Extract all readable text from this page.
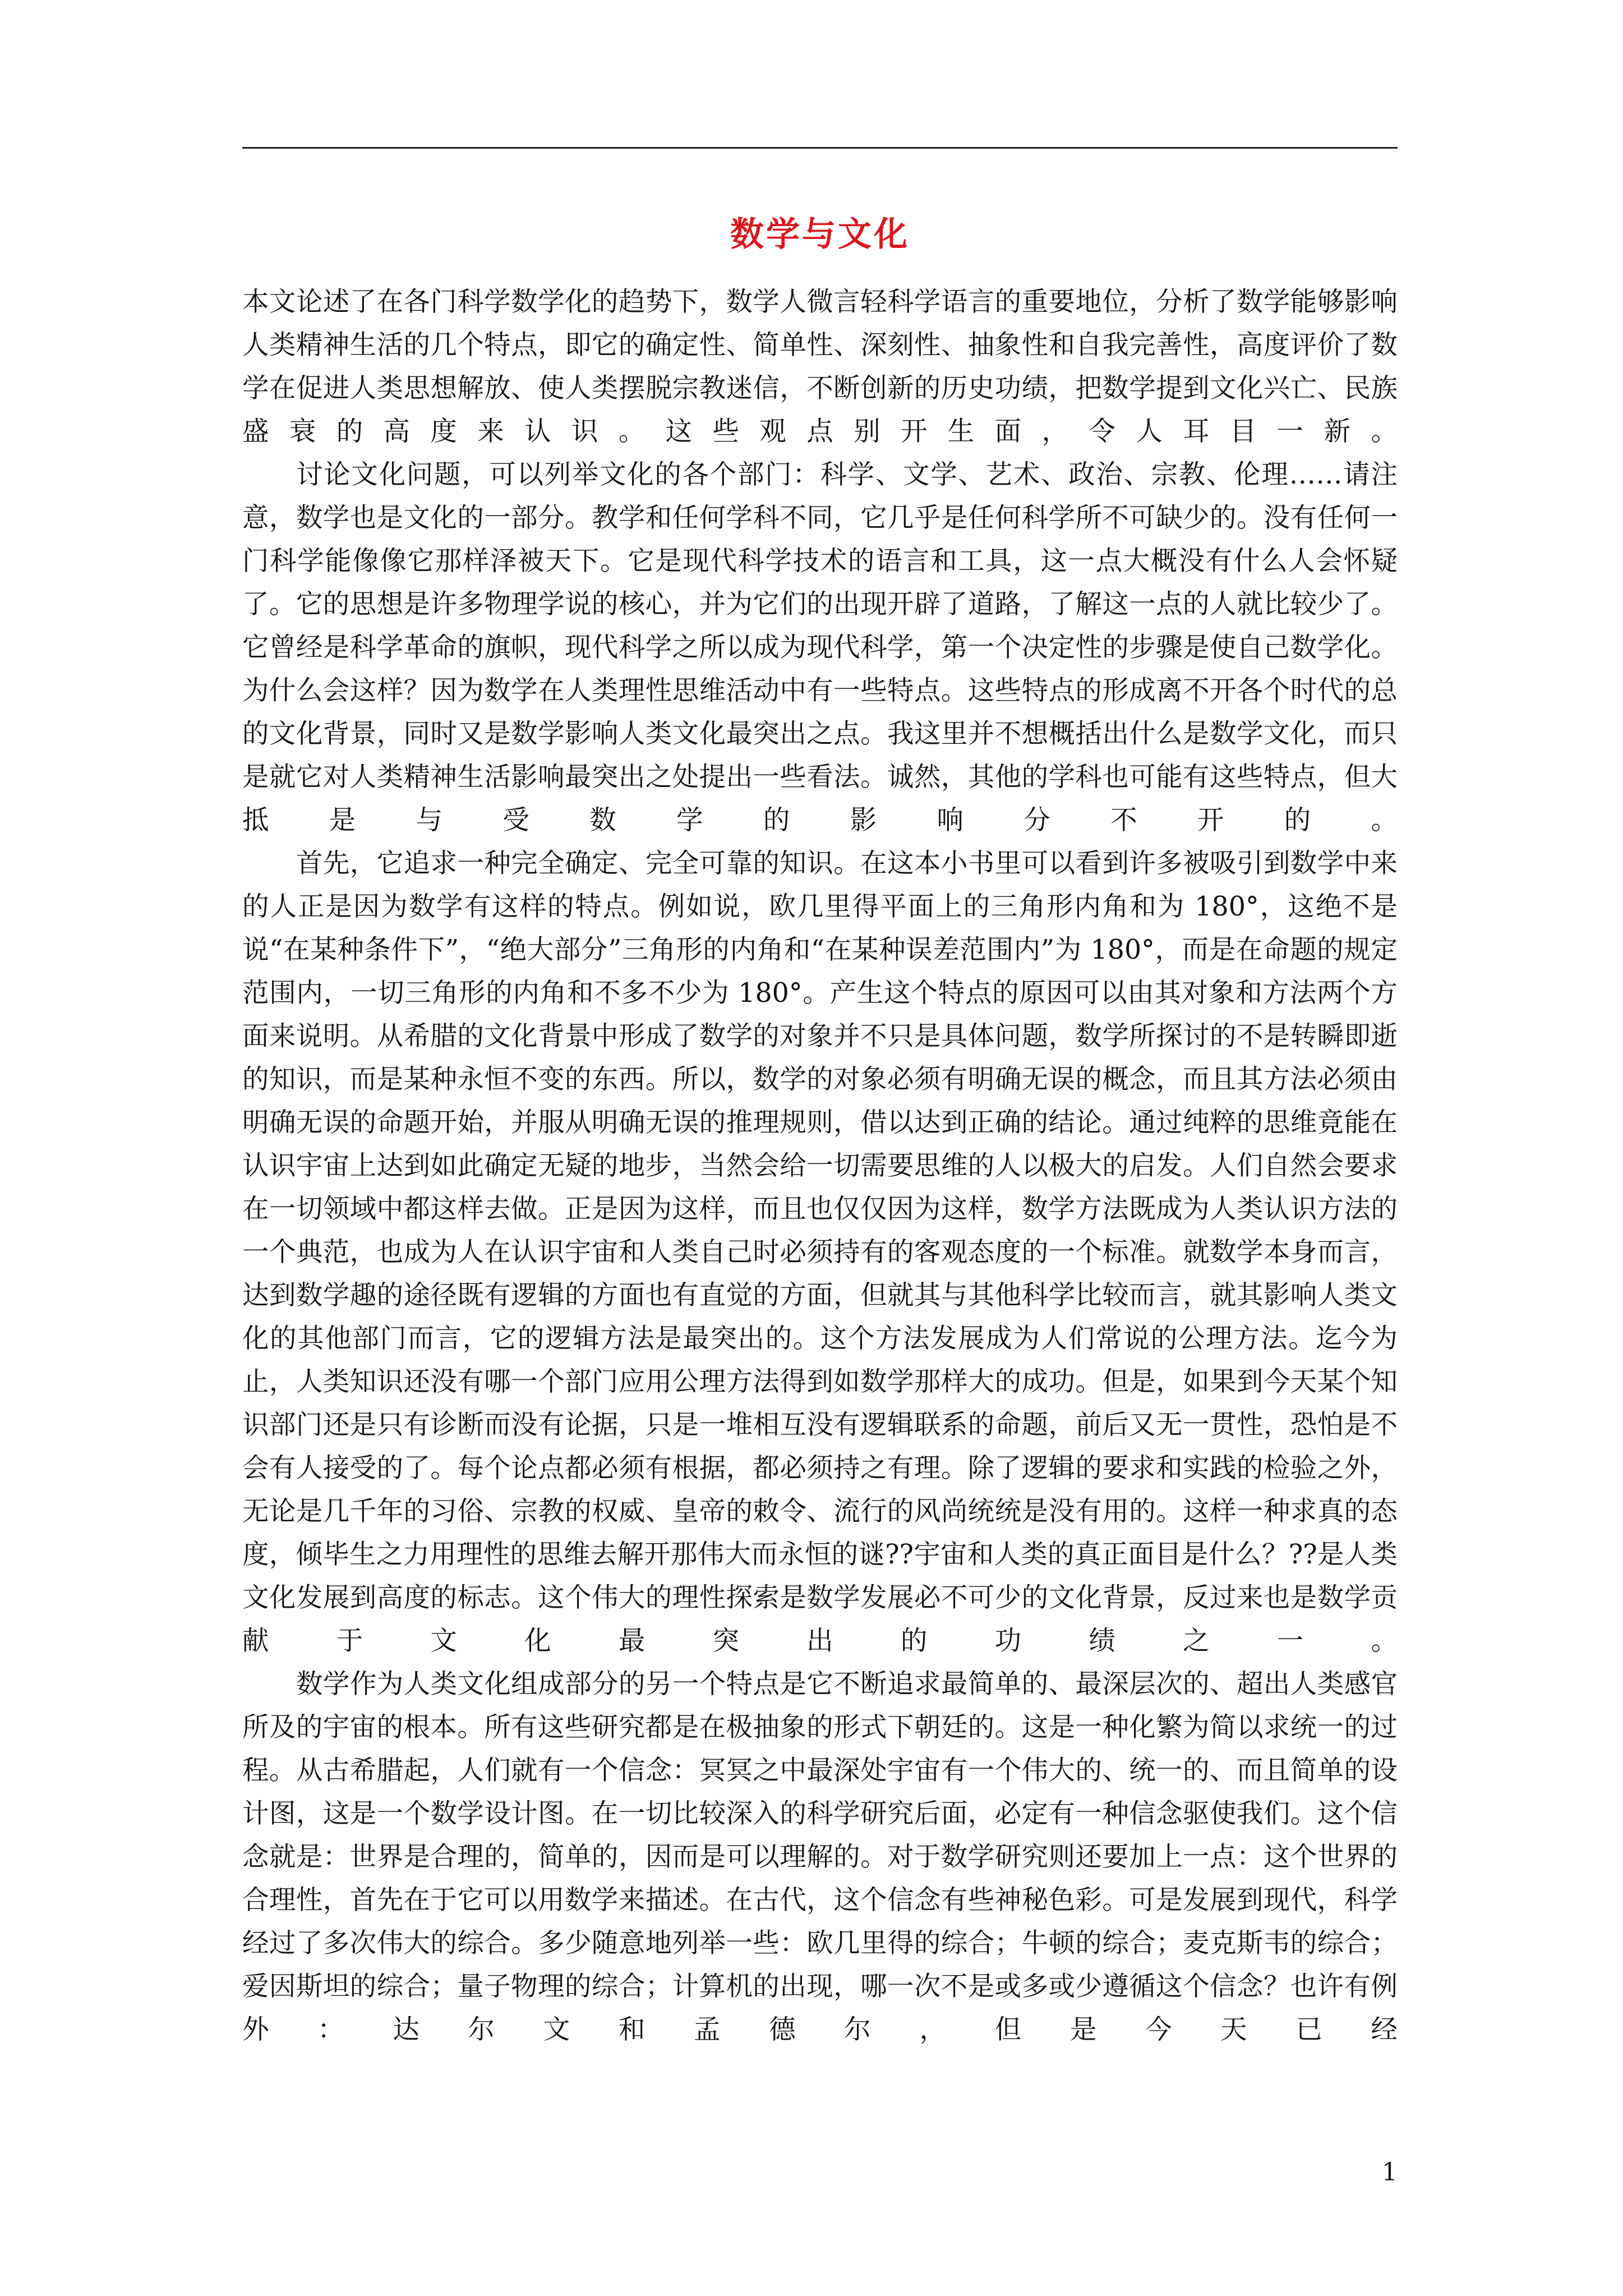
数学与文化

本文论述了在各门科学数学化的趋势下，数学人微言轻科学语言的重要地位，分析了数学能够影响人类精神生活的几个特点，即它的确定性、简单性、深刻性、抽象性和自我完善性，高度评价了数学在促进人类思想解放、使人类摆脱宗教迷信，不断创新的历史功绩，把数学提到文化兴亡、民族盛衰的高度来认识。这些观点别开生面，令人耳目一新。

讨论文化问题，可以列举文化的各个部门：科学、文学、艺术、政治、宗教、伦理……请注意，数学也是文化的一部分。教学和任何学科不同，它几乎是任何科学所不可缺少的。没有任何一门科学能像像它那样泽被天下。它是现代科学技术的语言和工具，这一点大概没有什么人会怀疑了。它的思想是许多物理学说的核心，并为它们的出现开辟了道路，了解这一点的人就比较少了。它曾经是科学革命的旗帜，现代科学之所以成为现代科学，第一个决定性的步骤是使自己数学化。为什么会这样？因为数学在人类理性思维活动中有一些特点。这些特点的形成离不开各个时代的总的文化背景，同时又是数学影响人类文化最突出之点。我这里并不想概括出什么是数学文化，而只是就它对人类精神生活影响最突出之处提出一些看法。诚然，其他的学科也可能有这些特点，但大抵是与受数学的影响分不开的。

首先，它追求一种完全确定、完全可靠的知识。在这本小书里可以看到许多被吸引到数学中来的人正是因为数学有这样的特点。例如说，欧几里得平面上的三角形内角和为 180°，这绝不是说“在某种条件下”，“绝大部分”三角形的内角和“在某种误差范围内”为 180°，而是在命题的规定范围内，一切三角形的内角和不多不少为 180°。产生这个特点的原因可以由其对象和方法两个方面来说明。从希腊的文化背景中形成了数学的对象并不只是具体问题，数学所探讨的不是转瞬即逝的知识，而是某种永恒不变的东西。所以，数学的对象必须有明确无误的概念，而且其方法必须由明确无误的命题开始，并服从明确无误的推理规则，借以达到正确的结论。通过纯粹的思维竟能在认识宇宙上达到如此确定无疑的地步，当然会给一切需要思维的人以极大的启发。人们自然会要求在一切领域中都这样去做。正是因为这样，而且也仅仅因为这样，数学方法既成为人类认识方法的一个典范，也成为人在认识宇宙和人类自己时必须持有的客观态度的一个标准。就数学本身而言，达到数学趣的途径既有逻辑的方面也有直觉的方面，但就其与其他科学比较而言，就其影响人类文化的其他部门而言，它的逻辑方法是最突出的。这个方法发展成为人们常说的公理方法。迄今为止，人类知识还没有哪一个部门应用公理方法得到如数学那样大的成功。但是，如果到今天某个知识部门还是只有诊断而没有论据，只是一堆相互没有逻辑联系的命题，前后又无一贯性，恐怕是不会有人接受的了。每个论点都必须有根据，都必须持之有理。除了逻辑的要求和实践的检验之外，无论是几千年的习俗、宗教的权威、皇帝的敕令、流行的风尚统统是没有用的。这样一种求真的态度，倾毕生之力用理性的思维去解开那伟大而永恒的谜??宇宙和人类的真正面目是什么？??是人类文化发展到高度的标志。这个伟大的理性探索是数学发展必不可少的文化背景，反过来也是数学贡献于文化最突出的功绩之一。

数学作为人类文化组成部分的另一个特点是它不断追求最简单的、最深层次的、超出人类感官所及的宇宙的根本。所有这些研究都是在极抽象的形式下朝廷的。这是一种化繁为简以求统一的过程。从古希腊起，人们就有一个信念：冥冥之中最深处宇宙有一个伟大的、统一的、而且简单的设计图，这是一个数学设计图。在一切比较深入的科学研究后面，必定有一种信念驱使我们。这个信念就是：世界是合理的，简单的，因而是可以理解的。对于数学研究则还要加上一点：这个世界的合理性，首先在于它可以用数学来描述。在古代，这个信念有些神秘色彩。可是发展到现代，科学经过了多次伟大的综合。多少随意地列举一些：欧几里得的综合；牛顿的综合；麦克斯韦的综合；爱因斯坦的综合；量子物理的综合；计算机的出现，哪一次不是或多或少遵循这个信念？也许有例外：达尔文和孟德尔，但是今天已经

1
